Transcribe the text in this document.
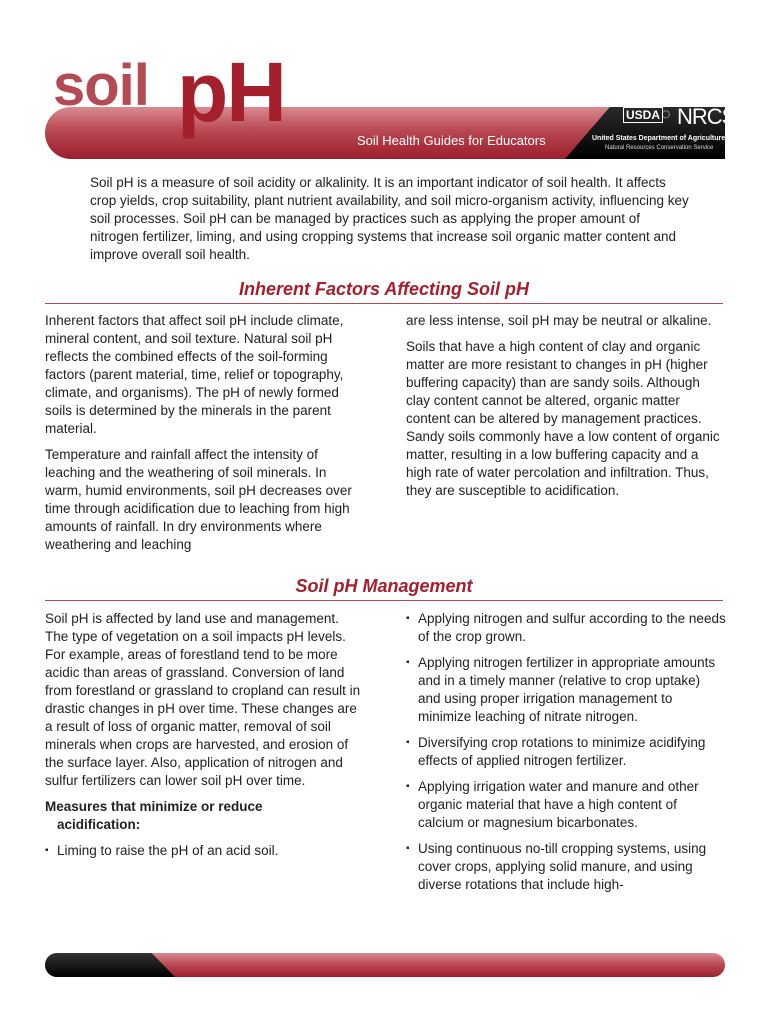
soil pH
Soil Health Guides for Educators
USDA ◌ NRCS
United States Department of Agriculture
Natural Resources Conservation Service
Soil pH is a measure of soil acidity or alkalinity. It is an important indicator of soil health. It affects crop yields, crop suitability, plant nutrient availability, and soil micro-organism activity, influencing key soil processes. Soil pH can be managed by practices such as applying the proper amount of nitrogen fertilizer, liming, and using cropping systems that increase soil organic matter content and improve overall soil health.
Inherent Factors Affecting Soil pH

Inherent factors that affect soil pH include climate, mineral content, and soil texture. Natural soil pH reflects the combined effects of the soil-forming factors (parent material, time, relief or topography, climate, and organisms). The pH of newly formed soils is determined by the minerals in the parent material.

Temperature and rainfall affect the intensity of leaching and the weathering of soil minerals. In warm, humid environments, soil pH decreases over time through acidification due to leaching from high amounts of rainfall. In dry environments where weathering and leaching

are less intense, soil pH may be neutral or alkaline.

Soils that have a high content of clay and organic matter are more resistant to changes in pH (higher buffering capacity) than are sandy soils. Although clay content cannot be altered, organic matter content can be altered by management practices. Sandy soils commonly have a low content of organic matter, resulting in a low buffering capacity and a high rate of water percolation and infiltration. Thus, they are susceptible to acidification.

Soil pH Management

Soil pH is affected by land use and management. The type of vegetation on a soil impacts pH levels. For example, areas of forestland tend to be more acidic than areas of grassland. Conversion of land from forestland or grassland to cropland can result in drastic changes in pH over time. These changes are a result of loss of organic matter, removal of soil minerals when crops are harvested, and erosion of the surface layer. Also, application of nitrogen and sulfur fertilizers can lower soil pH over time.

Measures that minimize or reduce
acidification:
▪ Liming to raise the pH of an acid soil.
▪ Applying nitrogen and sulfur according to the needs of the crop grown.
▪ Applying nitrogen fertilizer in appropriate amounts and in a timely manner (relative to crop uptake) and using proper irrigation management to minimize leaching of nitrate nitrogen.
▪ Diversifying crop rotations to minimize acidifying effects of applied nitrogen fertilizer.
▪ Applying irrigation water and manure and other organic material that have a high content of calcium or magnesium bicarbonates.
▪ Using continuous no-till cropping systems, using cover crops, applying solid manure, and using diverse rotations that include high-
